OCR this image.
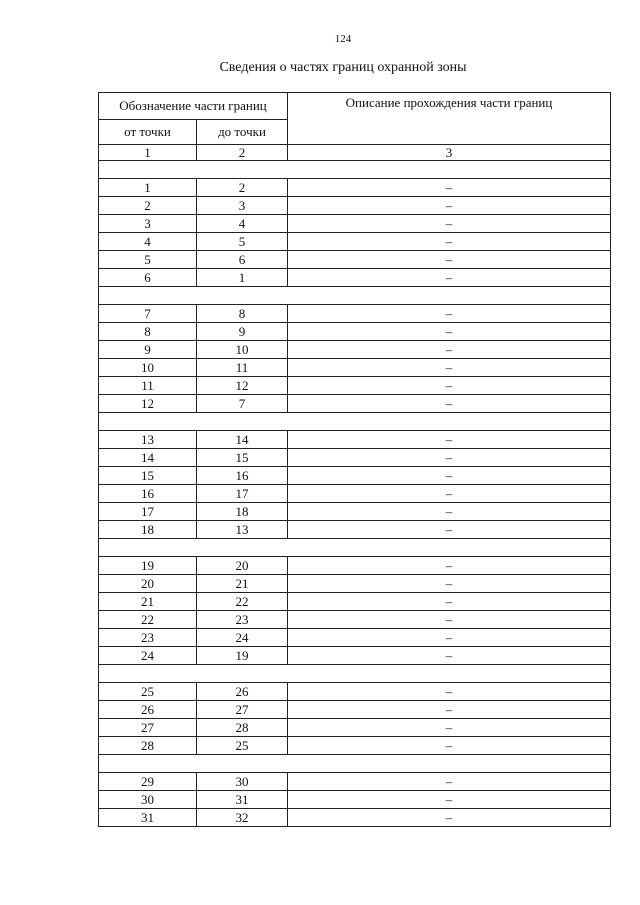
124
Сведения о частях границ охранной зоны
Обозначение части границ		Описание прохождения части границ
от точки	до точки	
1	2	3

1	2	–
2	3	–
3	4	–
4	5	–
5	6	–
6	1	–

7	8	–
8	9	–
9	10	–
10	11	–
11	12	–
12	7	–

13	14	–
14	15	–
15	16	–
16	17	–
17	18	–
18	13	–

19	20	–
20	21	–
21	22	–
22	23	–
23	24	–
24	19	–

25	26	–
26	27	–
27	28	–
28	25	–

29	30	–
30	31	–
31	32	–
